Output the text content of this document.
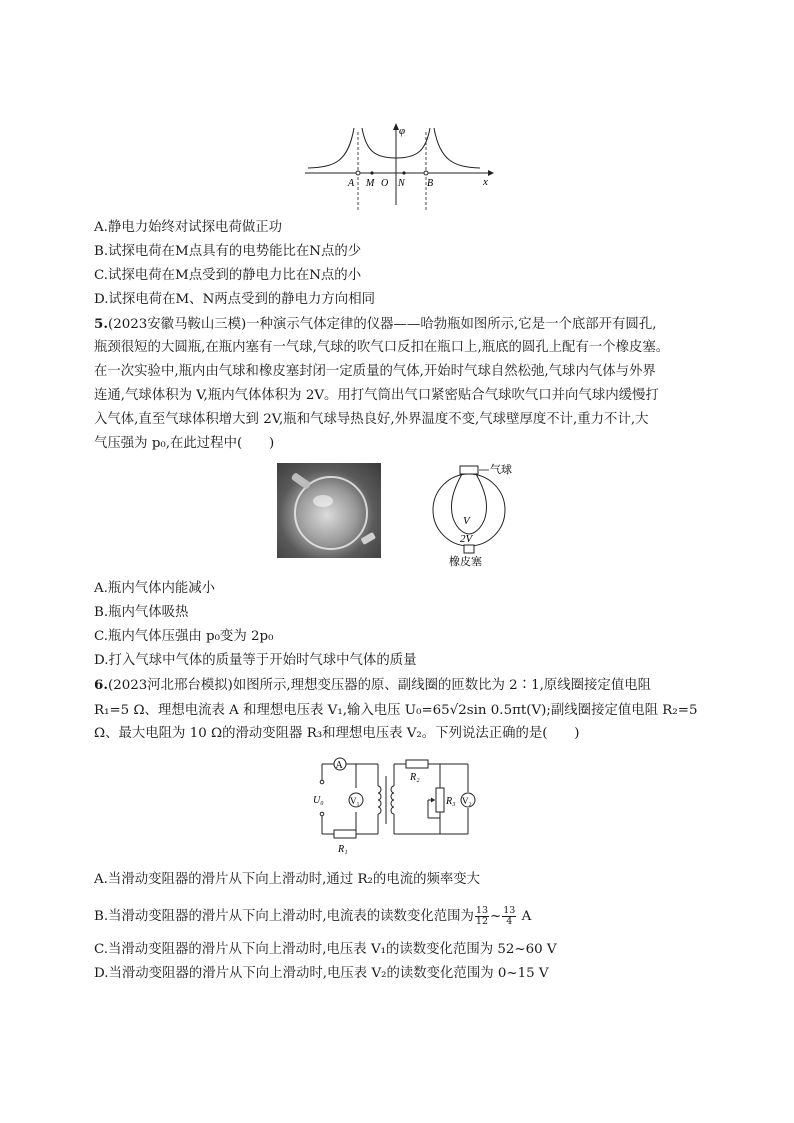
φ
x
A M O N B
A.静电力始终对试探电荷做正功
B.试探电荷在M点具有的电势能比在N点的少
C.试探电荷在M点受到的静电力比在N点的小
D.试探电荷在M、N两点受到的静电力方向相同
5.(2023安徽马鞍山三模)一种演示气体定律的仪器——哈勃瓶如图所示,它是一个底部开有圆孔,
瓶颈很短的大圆瓶,在瓶内塞有一气球,气球的吹气口反扣在瓶口上,瓶底的圆孔上配有一个橡皮塞。
在一次实验中,瓶内由气球和橡皮塞封闭一定质量的气体,开始时气球自然松弛,气球内气体与外界
连通,气球体积为 V,瓶内气体体积为 2V。用打气筒出气口紧密贴合气球吹气口并向气球内缓慢打
入气体,直至气球体积增大到 2V,瓶和气球导热良好,外界温度不变,气球壁厚度不计,重力不计,大
气压强为 p₀,在此过程中(　　)
气球
V
2V
橡皮塞
A.瓶内气体内能减小
B.瓶内气体吸热
C.瓶内气体压强由 p₀变为 2p₀
D.打入气球中气体的质量等于开始时气球中气体的质量
6.(2023河北邢台模拟)如图所示,理想变压器的原、副线圈的匝数比为 2∶1,原线圈接定值电阻
R₁=5 Ω、理想电流表 A 和理想电压表 V₁,输入电压 U₀=65√2sin 0.5πt(V);副线圈接定值电阻 R₂=5
Ω、最大电阻为 10 Ω的滑动变阻器 R₃和理想电压表 V₂。下列说法正确的是(　　)
A
V₁
U₀
R₁
R₂
R₃ V₂
A.当滑动变阻器的滑片从下向上滑动时,通过 R₂的电流的频率变大
B.当滑动变阻器的滑片从下向上滑动时,电流表的读数变化范围为 $\frac{13}{12}$ ~ $\frac{13}{4}$ A
C.当滑动变阻器的滑片从下向上滑动时,电压表 V₁的读数变化范围为 52~60 V
D.当滑动变阻器的滑片从下向上滑动时,电压表 V₂的读数变化范围为 0~15 V
